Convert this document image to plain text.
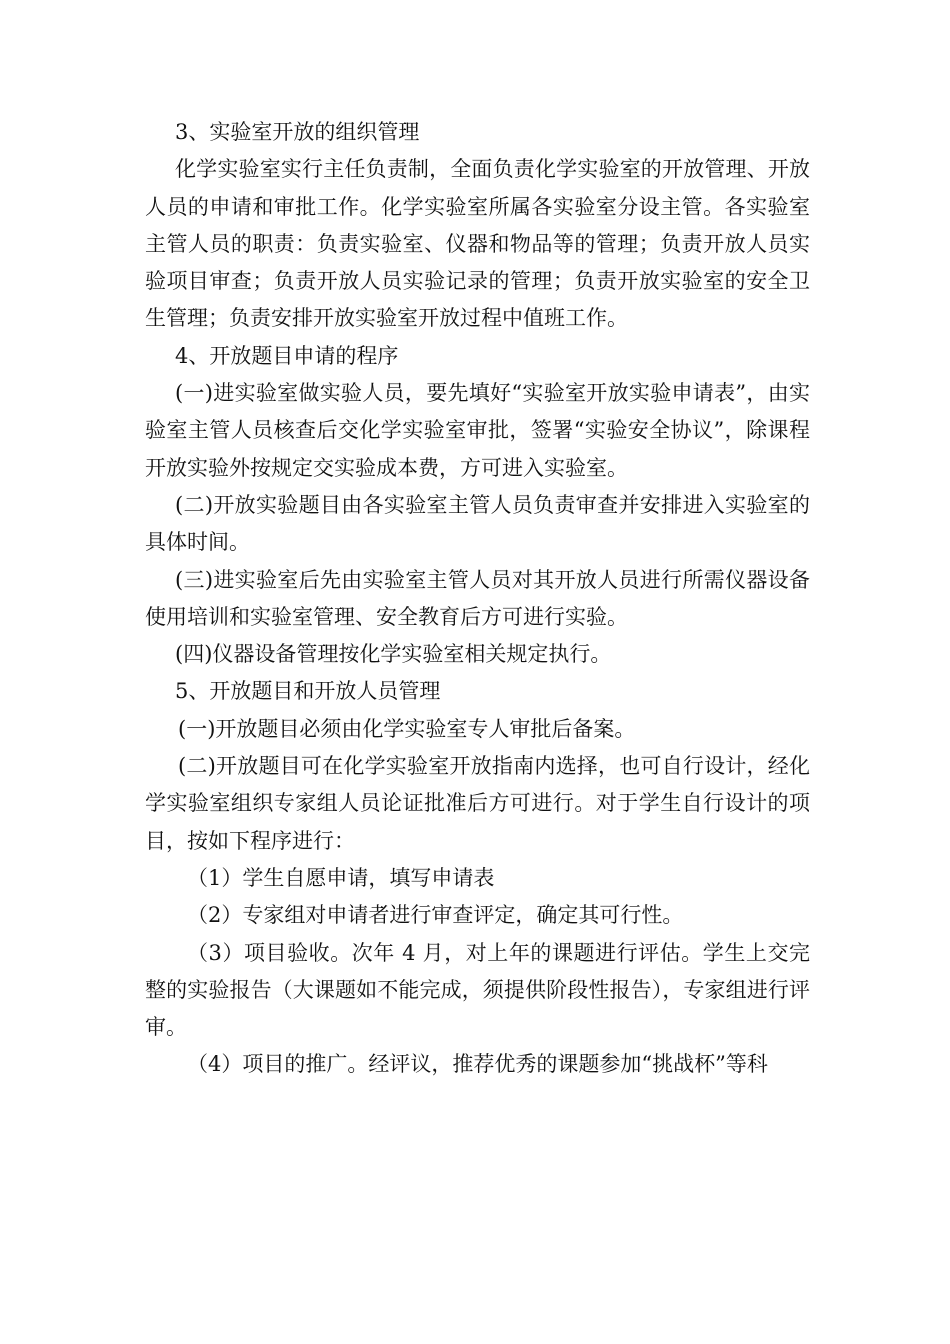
3、实验室开放的组织管理

化学实验室实行主任负责制，全面负责化学实验室的开放管理、开放人员的申请和审批工作。化学实验室所属各实验室分设主管。各实验室主管人员的职责：负责实验室、仪器和物品等的管理；负责开放人员实验项目审查；负责开放人员实验记录的管理；负责开放实验室的安全卫生管理；负责安排开放实验室开放过程中值班工作。

4、开放题目申请的程序

(一)进实验室做实验人员，要先填好“实验室开放实验申请表”，由实验室主管人员核查后交化学实验室审批，签署“实验安全协议”，除课程开放实验外按规定交实验成本费，方可进入实验室。

(二)开放实验题目由各实验室主管人员负责审查并安排进入实验室的具体时间。

(三)进实验室后先由实验室主管人员对其开放人员进行所需仪器设备使用培训和实验室管理、安全教育后方可进行实验。

(四)仪器设备管理按化学实验室相关规定执行。

5、开放题目和开放人员管理

(一)开放题目必须由化学实验室专人审批后备案。

(二)开放题目可在化学实验室开放指南内选择，也可自行设计，经化学实验室组织专家组人员论证批准后方可进行。对于学生自行设计的项目，按如下程序进行：

（1）学生自愿申请，填写申请表

（2）专家组对申请者进行审查评定，确定其可行性。

（3）项目验收。次年 4 月，对上年的课题进行评估。学生上交完整的实验报告（大课题如不能完成，须提供阶段性报告），专家组进行评审。

（4）项目的推广。经评议，推荐优秀的课题参加“挑战杯”等科
